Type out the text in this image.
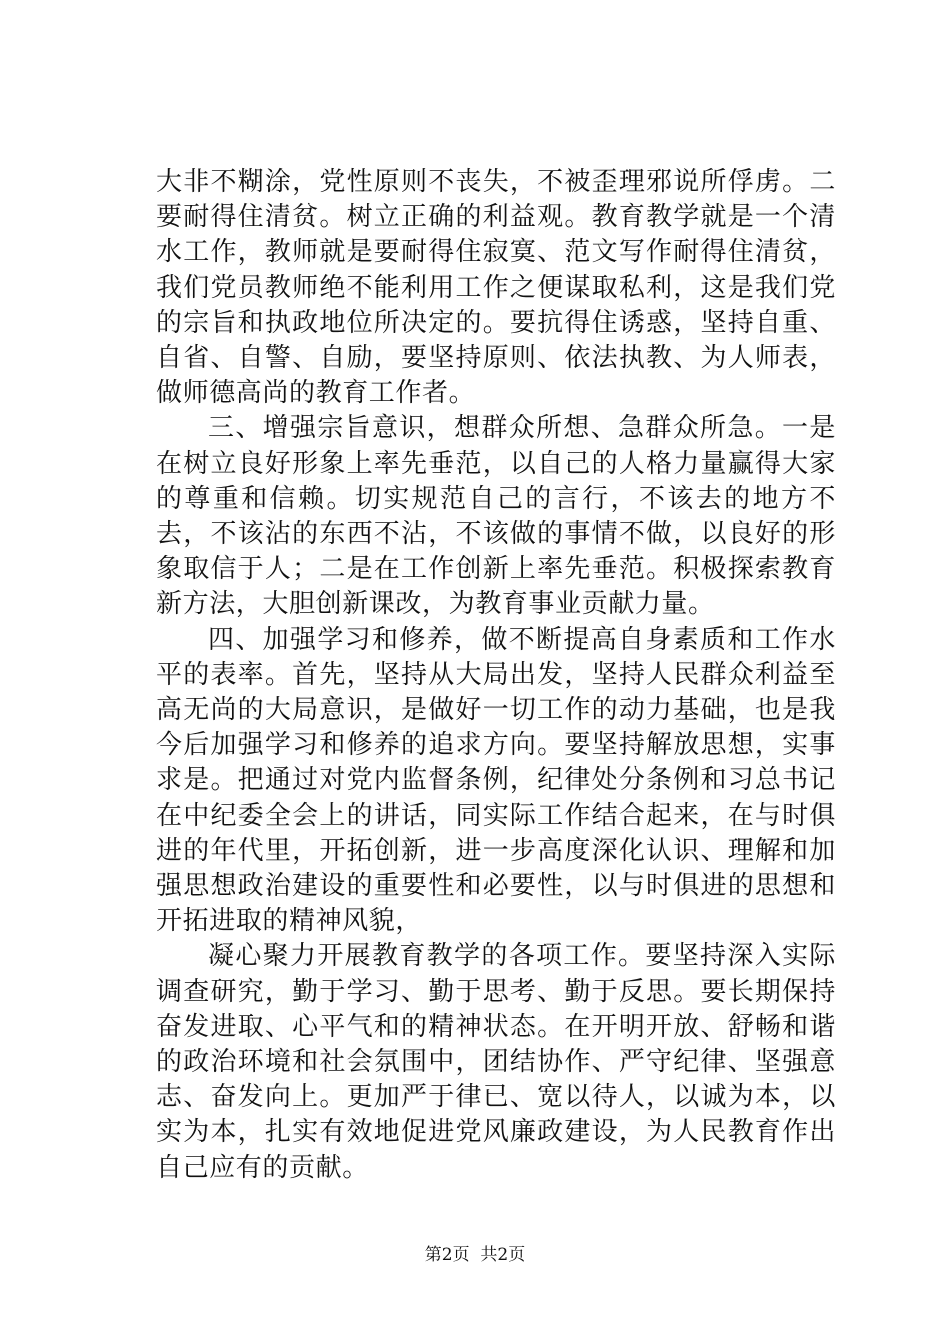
大非不糊涂，党性原则不丧失，不被歪理邪说所俘虏。二要耐得住清贫。树立正确的利益观。教育教学就是一个清水工作，教师就是要耐得住寂寞、范文写作耐得住清贫，我们党员教师绝不能利用工作之便谋取私利，这是我们党的宗旨和执政地位所决定的。要抗得住诱惑，坚持自重、自省、自警、自励，要坚持原则、依法执教、为人师表，做师德高尚的教育工作者。

三、增强宗旨意识，想群众所想、急群众所急。一是在树立良好形象上率先垂范，以自己的人格力量赢得大家的尊重和信赖。切实规范自己的言行，不该去的地方不去，不该沾的东西不沾，不该做的事情不做，以良好的形象取信于人；二是在工作创新上率先垂范。积极探索教育新方法，大胆创新课改，为教育事业贡献力量。

四、加强学习和修养，做不断提高自身素质和工作水平的表率。首先，坚持从大局出发，坚持人民群众利益至高无尚的大局意识，是做好一切工作的动力基础，也是我今后加强学习和修养的追求方向。要坚持解放思想，实事求是。把通过对党内监督条例，纪律处分条例和习总书记在中纪委全会上的讲话，同实际工作结合起来，在与时俱进的年代里，开拓创新，进一步高度深化认识、理解和加强思想政治建设的重要性和必要性，以与时俱进的思想和开拓进取的精神风貌，

凝心聚力开展教育教学的各项工作。要坚持深入实际调查研究，勤于学习、勤于思考、勤于反思。要长期保持奋发进取、心平气和的精神状态。在开明开放、舒畅和谐的政治环境和社会氛围中，团结协作、严守纪律、坚强意志、奋发向上。更加严于律已、宽以待人，以诚为本，以实为本，扎实有效地促进党风廉政建设，为人民教育作出自己应有的贡献。

第2页  共2页
